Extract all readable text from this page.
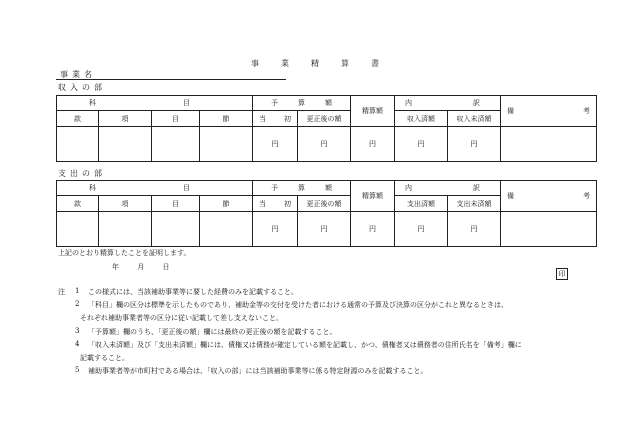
事業精算書
事業名
収入の部
科 目				予 算 額		精算額	内 訳		備 考

款	項	目	節	当 初	更正後の額		収入済額	収入未済額	
				円	円	円	円	円	
支出の部
科 目				予 算 額		精算額	内 訳		備 考

款	項	目	節	当 初	更正後の額		支出済額	支出未済額	
				円	円	円	円	円	
上記のとおり精算したことを証明します。
年 月 日
印
注 1 この様式には、当該補助事業等に要した経費のみを記載すること。
2 「科目」欄の区分は標準を示したものであり、補助金等の交付を受けた者における通常の予算及び決算の区分がこれと異なるときは、
それぞれ補助事業者等の区分に従い記載して差し支えないこと。
3 「予算額」欄のうち、「更正後の額」欄には最終の更正後の額を記載すること。
4 「収入未済額」及び「支出未済額」欄には、債権又は債務が確定している額を記載し、かつ、債権者又は債務者の住所氏名を「備考」欄に
記載すること。
5 補助事業者等が市町村である場合は、「収入の部」には当該補助事業等に係る特定財源のみを記載すること。
